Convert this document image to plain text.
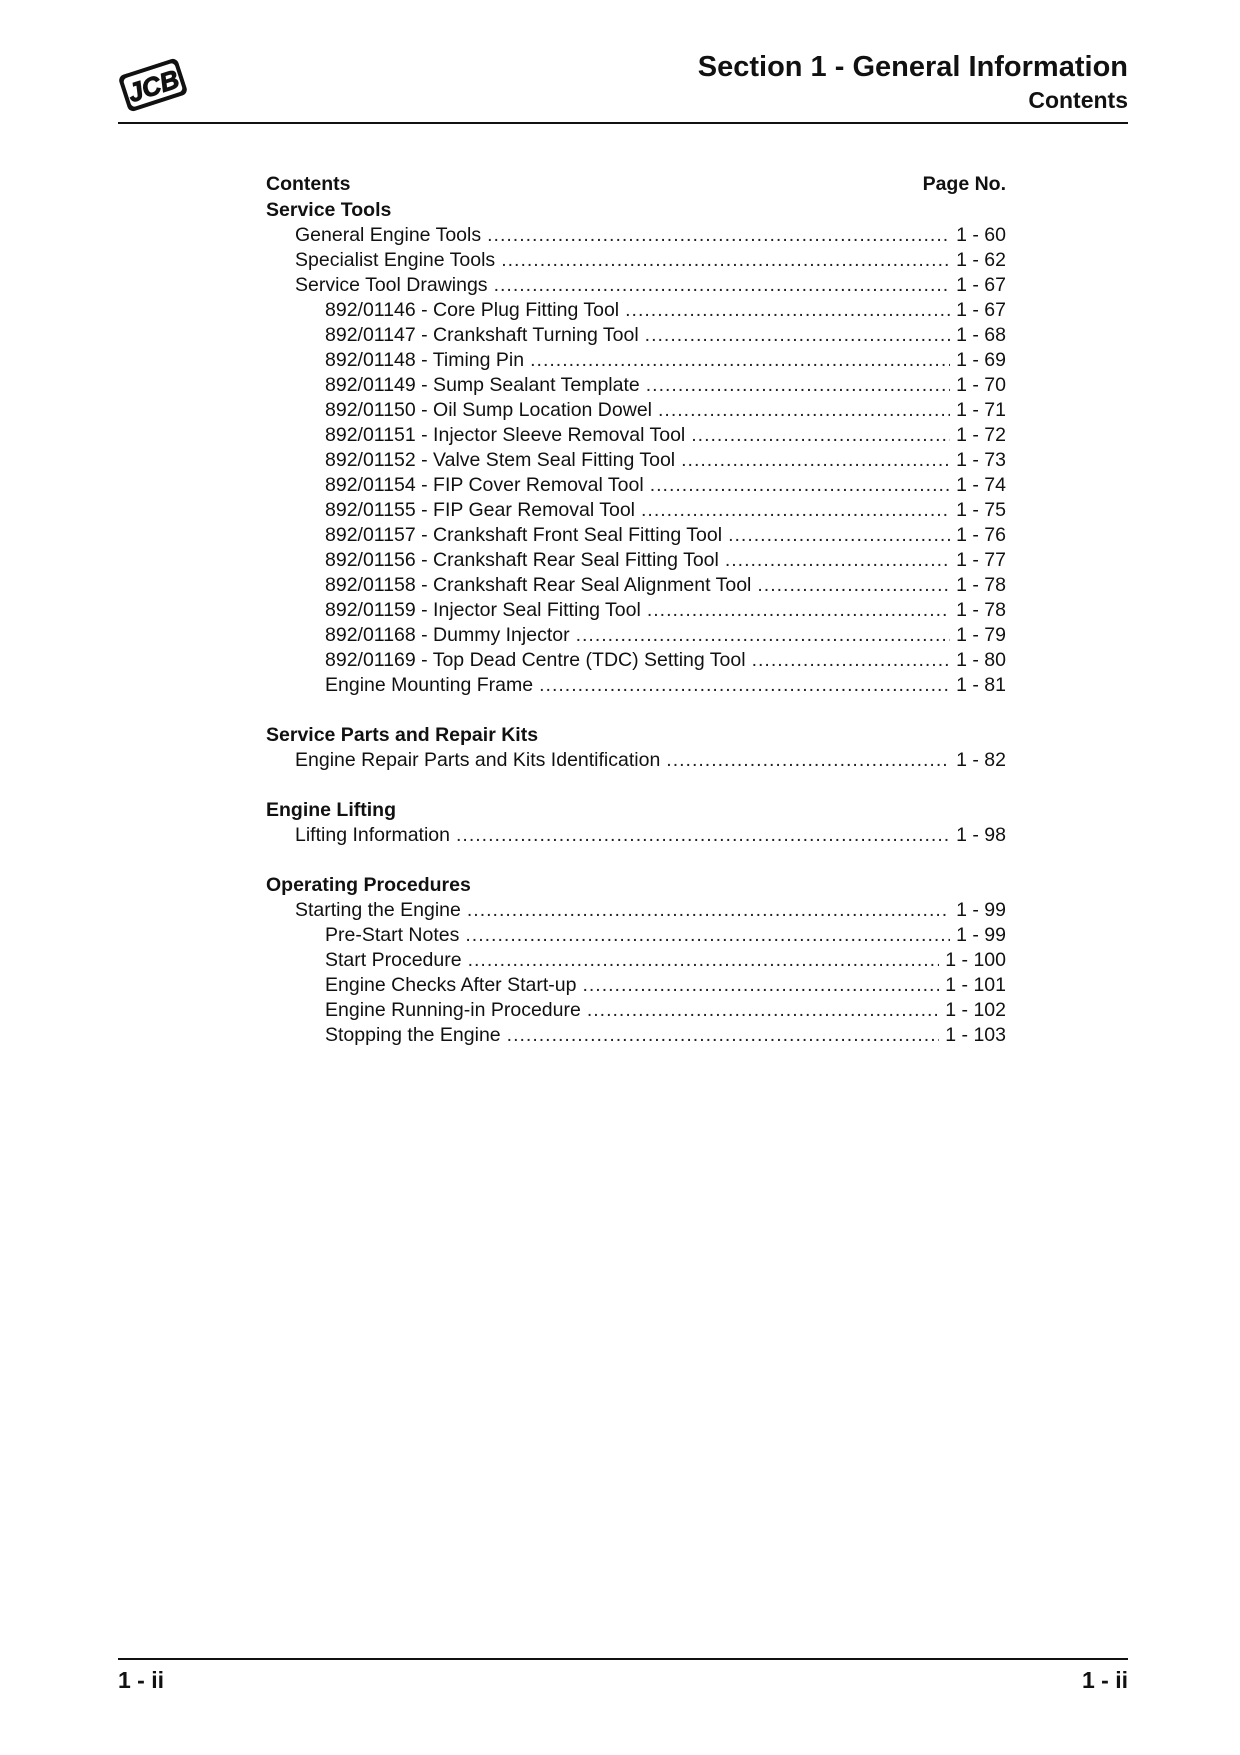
JCB	Section 1 - General Information
Contents
Contents	Page No.
Service Tools
General Engine Tools .....	1 - 60
Specialist Engine Tools .....	1 - 62
Service Tool Drawings .....	1 - 67
892/01146 - Core Plug Fitting Tool .....	1 - 67
892/01147 - Crankshaft Turning Tool .....	1 - 68
892/01148 - Timing Pin .....	1 - 69
892/01149 - Sump Sealant Template .....	1 - 70
892/01150 - Oil Sump Location Dowel .....	1 - 71
892/01151 - Injector Sleeve Removal Tool .....	1 - 72
892/01152 - Valve Stem Seal Fitting Tool .....	1 - 73
892/01154 - FIP Cover Removal Tool .....	1 - 74
892/01155 - FIP Gear Removal Tool .....	1 - 75
892/01157 - Crankshaft Front Seal Fitting Tool .....	1 - 76
892/01156 - Crankshaft Rear Seal Fitting Tool .....	1 - 77
892/01158 - Crankshaft Rear Seal Alignment Tool .....	1 - 78
892/01159 - Injector Seal Fitting Tool .....	1 - 78
892/01168 - Dummy Injector .....	1 - 79
892/01169 - Top Dead Centre (TDC) Setting Tool .....	1 - 80
Engine Mounting Frame .....	1 - 81
Service Parts and Repair Kits
Engine Repair Parts and Kits Identification .....	1 - 82
Engine Lifting
Lifting Information .....	1 - 98
Operating Procedures
Starting the Engine .....	1 - 99
Pre-Start Notes .....	1 - 99
Start Procedure .....	1 - 100
Engine Checks After Start-up .....	1 - 101
Engine Running-in Procedure .....	1 - 102
Stopping the Engine .....	1 - 103
1 - ii	1 - ii
